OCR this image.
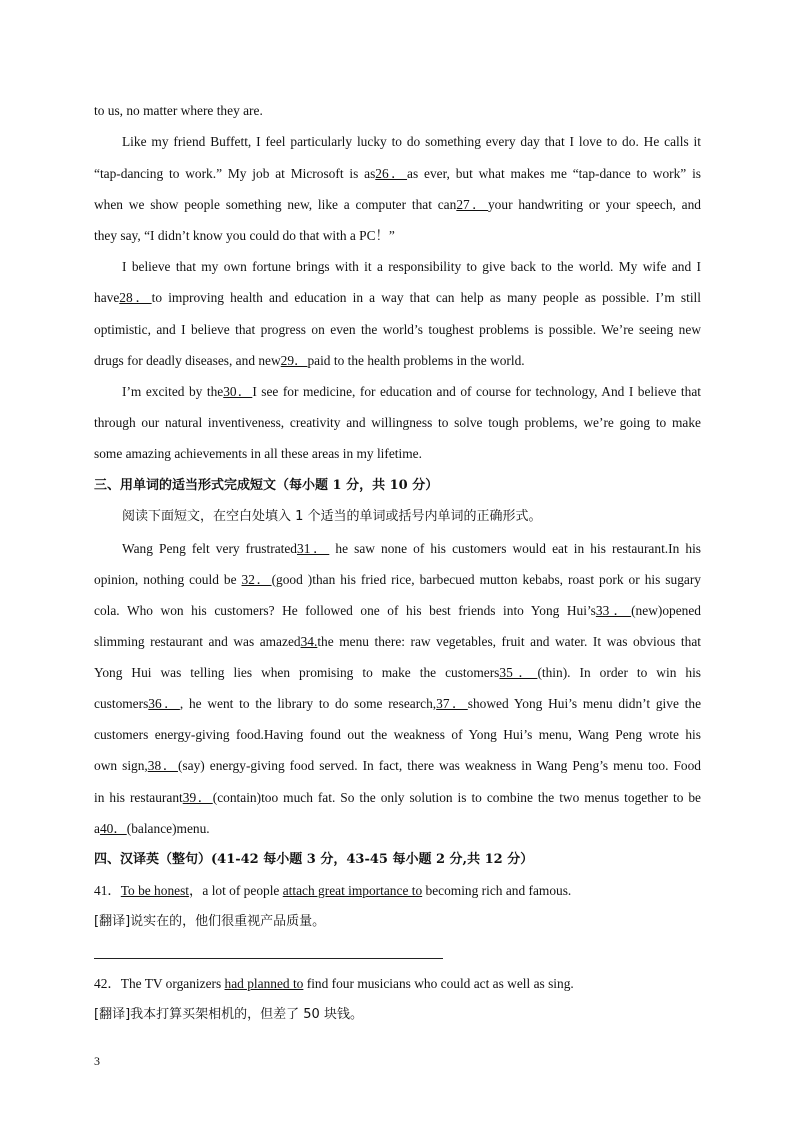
to us, no matter where they are.
Like my friend Buffett, I feel particularly lucky to do something every day that I love to do. He calls it
“tap-dancing to work.” My job at Microsoft is as26．as ever, but what makes me “tap-dance to work” is
when we show people something new, like a computer that can27．your handwriting or your speech, and
they say, “I didn’t know you could do that with a PC！”
I believe that my own fortune brings with it a responsibility to give back to the world. My wife and I
have28．to improving health and education in a way that can help as many people as possible. I’m still
optimistic, and I believe that progress on even the world’s toughest problems is possible. We’re seeing new
drugs for deadly diseases, and new29．paid to the health problems in the world.
I’m excited by the30．I see for medicine, for education and of course for technology, And I believe that
through our natural inventiveness, creativity and willingness to solve tough problems, we’re going to make
some amazing achievements in all these areas in my lifetime.
三、用单词的适当形式完成短文（每小题 1 分，共 10 分）
阅读下面短文，在空白处填入 1 个适当的单词或括号内单词的正确形式。
Wang Peng felt very frustrated31． he saw none of his customers would eat in his restaurant.In his
opinion, nothing could be 32．(good )than his fried rice, barbecued mutton kebabs, roast pork or his sugary
cola. Who won his customers? He followed one of his best friends into Yong Hui’s33．(new)opened
slimming restaurant and was amazed34.the menu there: raw vegetables, fruit and water. It was obvious that
Yong Hui was telling lies when promising to make the customers35．(thin). In order to win his
customers36．, he went to the library to do some research,37．showed Yong Hui’s menu didn’t give the
customers energy-giving food.Having found out the weakness of Yong Hui’s menu, Wang Peng wrote his
own sign,38．(say) energy-giving food served. In fact, there was weakness in Wang Peng’s menu too. Food
in his restaurant39．(contain)too much fat. So the only solution is to combine the two menus together to be
a40．(balance)menu.
四、汉译英（整句）(41-42 每小题 3 分，43-45 每小题 2 分,共 12 分）
41．To be honest，a lot of people attach great importance to becoming rich and famous.
[翻译]说实在的，他们很重视产品质量。
42．The TV organizers had planned to find four musicians who could act as well as sing.
[翻译]我本打算买架相机的，但差了 50 块钱。
3
